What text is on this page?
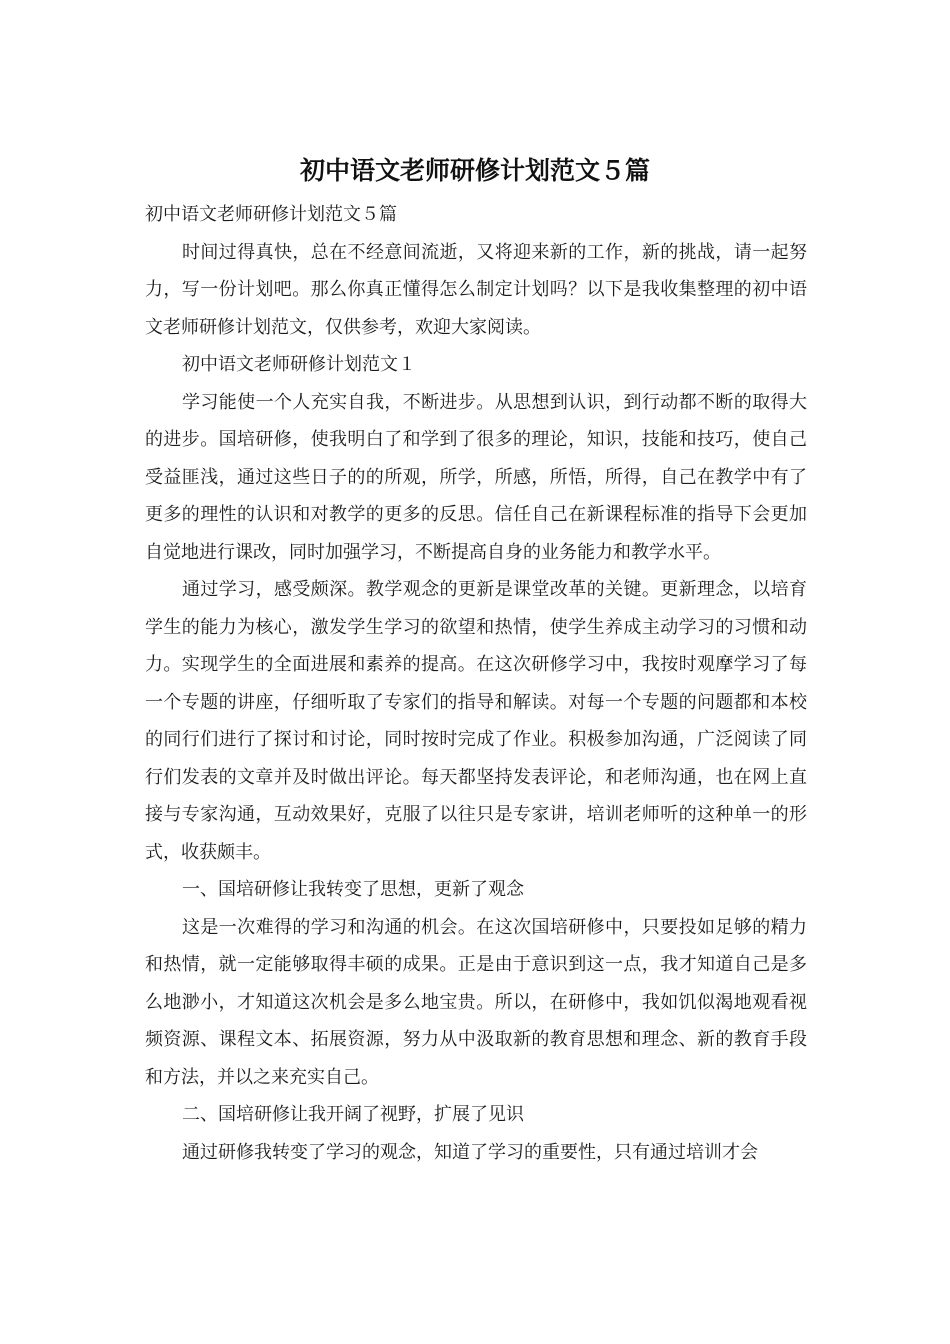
初中语文老师研修计划范文５篇

初中语文老师研修计划范文５篇

时间过得真快，总在不经意间流逝，又将迎来新的工作，新的挑战，请一起努力，写一份计划吧。那么你真正懂得怎么制定计划吗？以下是我收集整理的初中语文老师研修计划范文，仅供参考，欢迎大家阅读。

初中语文老师研修计划范文１

学习能使一个人充实自我，不断进步。从思想到认识，到行动都不断的取得大的进步。国培研修，使我明白了和学到了很多的理论，知识，技能和技巧，使自己受益匪浅，通过这些日子的的所观，所学，所感，所悟，所得，自己在教学中有了更多的理性的认识和对教学的更多的反思。信任自己在新课程标准的指导下会更加自觉地进行课改，同时加强学习，不断提高自身的业务能力和教学水平。

通过学习，感受颇深。教学观念的更新是课堂改革的关键。更新理念，以培育学生的能力为核心，激发学生学习的欲望和热情，使学生养成主动学习的习惯和动力。实现学生的全面进展和素养的提高。在这次研修学习中，我按时观摩学习了每一个专题的讲座，仔细听取了专家们的指导和解读。对每一个专题的问题都和本校的同行们进行了探讨和讨论，同时按时完成了作业。积极参加沟通，广泛阅读了同行们发表的文章并及时做出评论。每天都坚持发表评论，和老师沟通，也在网上直接与专家沟通，互动效果好，克服了以往只是专家讲，培训老师听的这种单一的形式，收获颇丰。

一、国培研修让我转变了思想，更新了观念

这是一次难得的学习和沟通的机会。在这次国培研修中，只要投如足够的精力和热情，就一定能够取得丰硕的成果。正是由于意识到这一点，我才知道自己是多么地渺小，才知道这次机会是多么地宝贵。所以，在研修中，我如饥似渴地观看视频资源、课程文本、拓展资源，努力从中汲取新的教育思想和理念、新的教育手段和方法，并以之来充实自己。

二、国培研修让我开阔了视野，扩展了见识

通过研修我转变了学习的观念，知道了学习的重要性，只有通过培训才会
